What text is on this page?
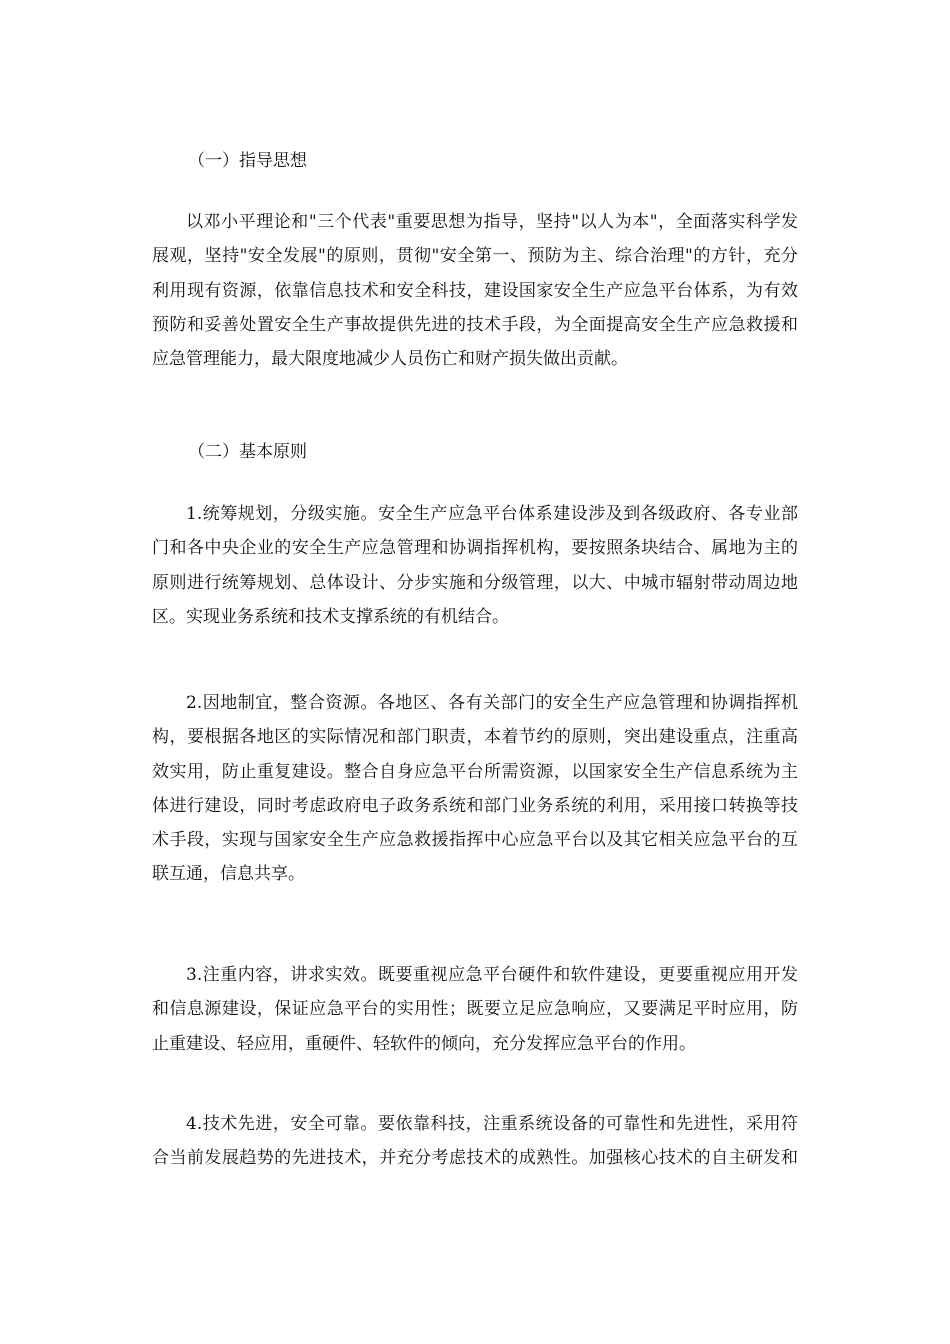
（一）指导思想
以邓小平理论和"三个代表"重要思想为指导，坚持"以人为本"，全面落实科学发
展观，坚持"安全发展"的原则，贯彻"安全第一、预防为主、综合治理"的方针，充分
利用现有资源，依靠信息技术和安全科技，建设国家安全生产应急平台体系，为有效
预防和妥善处置安全生产事故提供先进的技术手段，为全面提高安全生产应急救援和
应急管理能力，最大限度地减少人员伤亡和财产损失做出贡献。
（二）基本原则
1.统筹规划，分级实施。安全生产应急平台体系建设涉及到各级政府、各专业部
门和各中央企业的安全生产应急管理和协调指挥机构，要按照条块结合、属地为主的
原则进行统筹规划、总体设计、分步实施和分级管理，以大、中城市辐射带动周边地
区。实现业务系统和技术支撑系统的有机结合。
2.因地制宜，整合资源。各地区、各有关部门的安全生产应急管理和协调指挥机
构，要根据各地区的实际情况和部门职责，本着节约的原则，突出建设重点，注重高
效实用，防止重复建设。整合自身应急平台所需资源，以国家安全生产信息系统为主
体进行建设，同时考虑政府电子政务系统和部门业务系统的利用，采用接口转换等技
术手段，实现与国家安全生产应急救援指挥中心应急平台以及其它相关应急平台的互
联互通，信息共享。
3.注重内容，讲求实效。既要重视应急平台硬件和软件建设，更要重视应用开发
和信息源建设，保证应急平台的实用性；既要立足应急响应，又要满足平时应用，防
止重建设、轻应用，重硬件、轻软件的倾向，充分发挥应急平台的作用。
4.技术先进，安全可靠。要依靠科技，注重系统设备的可靠性和先进性，采用符
合当前发展趋势的先进技术，并充分考虑技术的成熟性。加强核心技术的自主研发和
